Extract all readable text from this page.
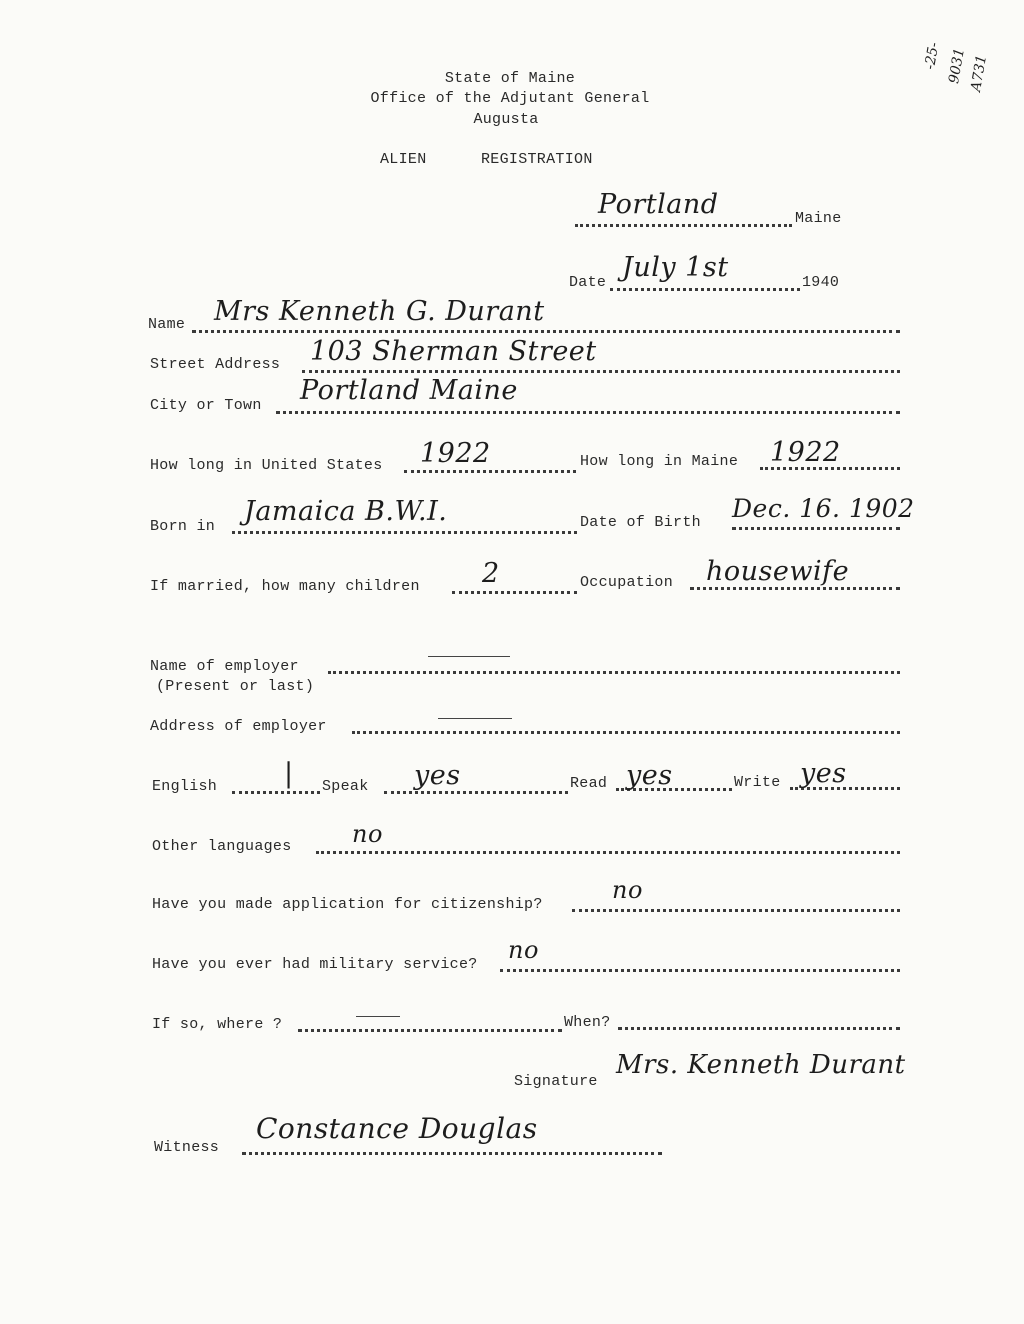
State of Maine
Office of the Adjutant General
Augusta
ALIEN	REGISTRATION
-25- 9031 A731
Portland	Maine
Date July 1st	1940
Name Mrs Kenneth G. Durant
Street Address 103 Sherman Street
City or Town Portland Maine
How long in United States 1922	How long in Maine 1922
Born in Jamaica B.W.I.	Date of Birth Dec. 16. 1902
If married, how many children 2	Occupation housewife
Name of employer
(Present or last)
Address of employer
English | Speak yes	Read yes	Write yes
Other languages	no
Have you made application for citizenship?
no
Have you ever had military service?
no
If so, where ?	When?
Signature
Mrs. Kenneth Durant
Witness
Constance Douglas
